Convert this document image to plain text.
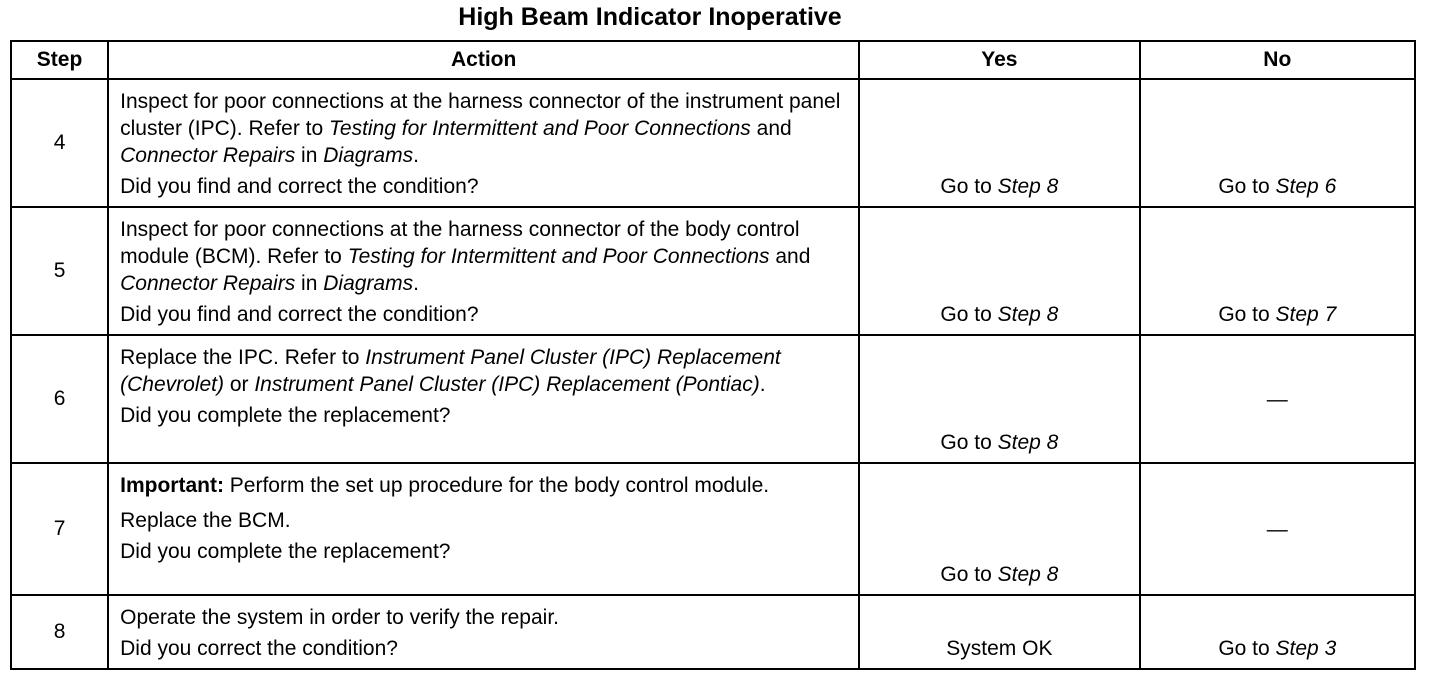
High Beam Indicator Inoperative
Step	Action	Yes	No
4	Inspect for poor connections at the harness connector of the instrument panel cluster (IPC). Refer to Testing for Intermittent and Poor Connections and Connector Repairs in Diagrams.

Did you find and correct the condition?	Go to Step 8	Go to Step 6
5	Inspect for poor connections at the harness connector of the body control module (BCM). Refer to Testing for Intermittent and Poor Connections and Connector Repairs in Diagrams.

Did you find and correct the condition?	Go to Step 8	Go to Step 7
6	Replace the IPC. Refer to Instrument Panel Cluster (IPC) Replacement (Chevrolet) or Instrument Panel Cluster (IPC) Replacement (Pontiac).

Did you complete the replacement?	Go to Step 8	—
7	Important: Perform the set up procedure for the body control module.

Replace the BCM.

Did you complete the replacement?	Go to Step 8	—
8	Operate the system in order to verify the repair.

Did you correct the condition?	System OK	Go to Step 3
